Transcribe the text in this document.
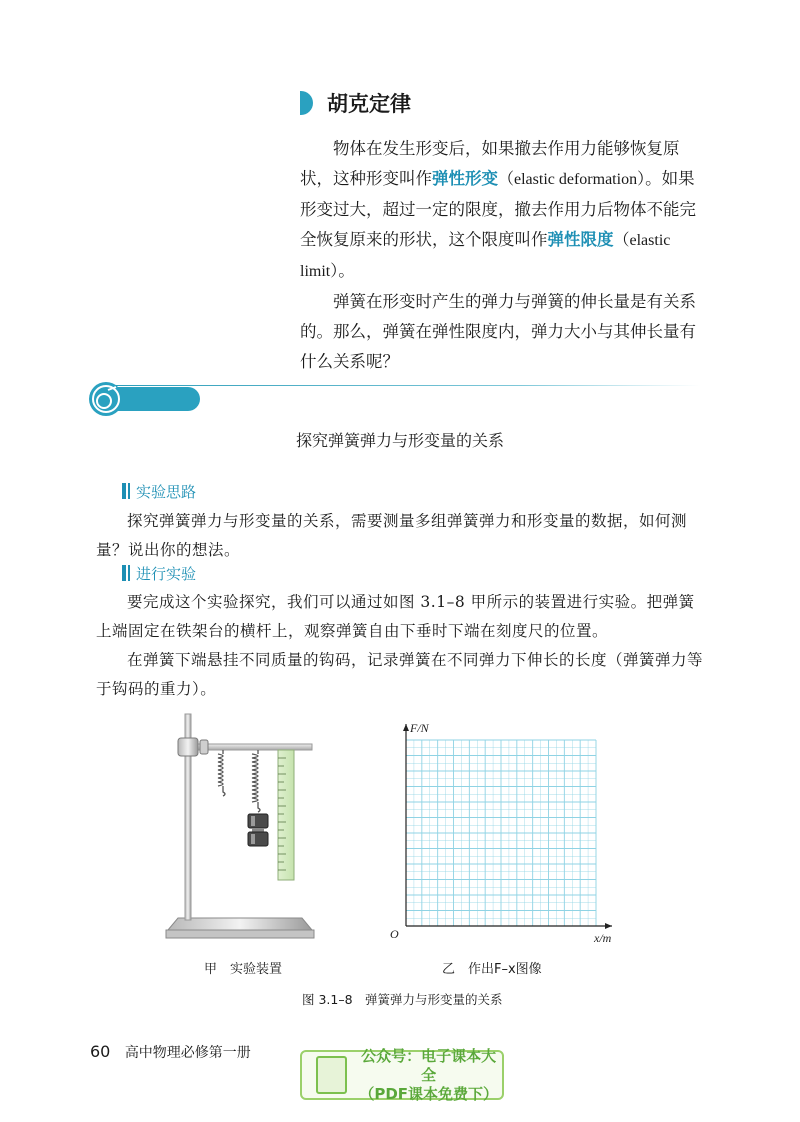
胡克定律

物体在发生形变后，如果撤去作用力能够恢复原状，这种形变叫作弹性形变（elastic deformation）。如果形变过大，超过一定的限度，撤去作用力后物体不能完全恢复原来的形状，这个限度叫作弹性限度（elastic limit）。

弹簧在形变时产生的弹力与弹簧的伸长量是有关系的。那么，弹簧在弹性限度内，弹力大小与其伸长量有什么关系呢？

探究弹簧弹力与形变量的关系
实验思路

探究弹簧弹力与形变量的关系，需要测量多组弹簧弹力和形变量的数据，如何测量？说出你的想法。

进行实验

要完成这个实验探究，我们可以通过如图 3.1–8 甲所示的装置进行实验。把弹簧上端固定在铁架台的横杆上，观察弹簧自由下垂时下端在刻度尺的位置。

在弹簧下端悬挂不同质量的钩码，记录弹簧在不同弹力下伸长的长度（弹簧弹力等于钩码的重力）。

F/N
x/m
O
甲　实验装置	乙　作出F–x图像
图 3.1–8　弹簧弹力与形变量的关系
60 高中物理必修第一册	公众号：电子课本大全
（PDF课本免费下）
